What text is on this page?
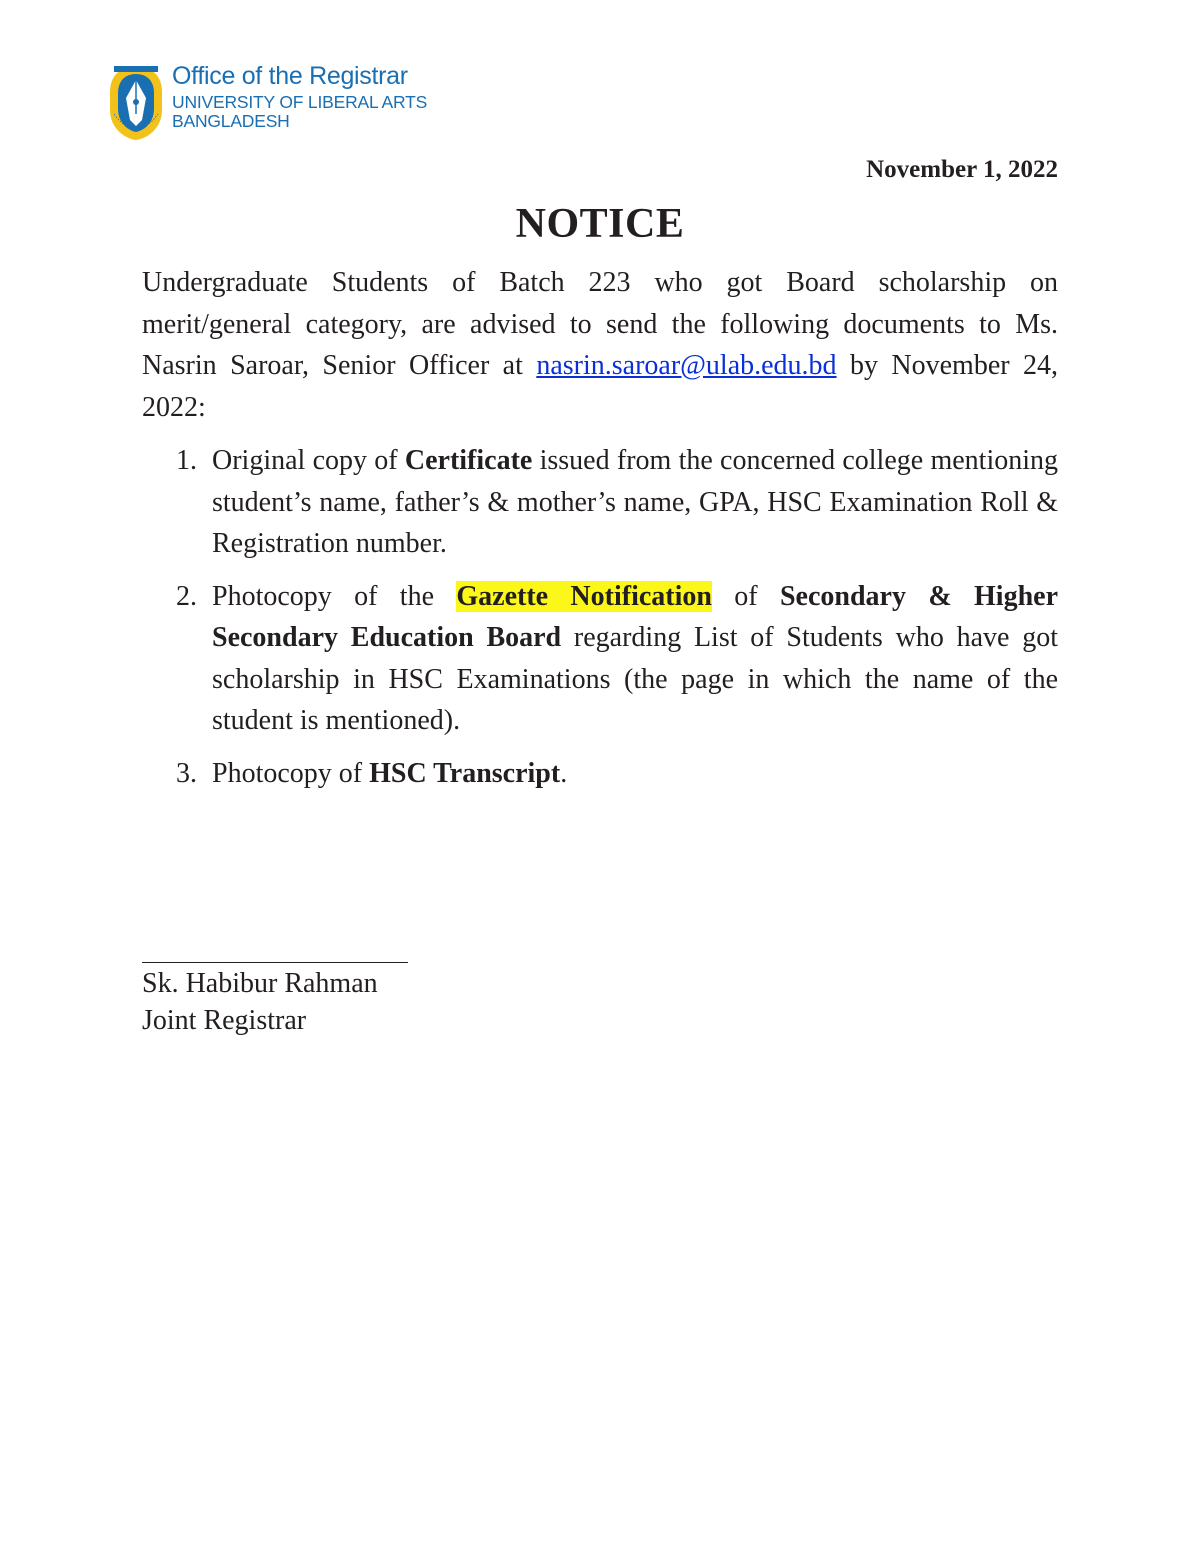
Office of the Registrar
UNIVERSITY OF LIBERAL ARTS
BANGLADESH
November 1, 2022
NOTICE

Undergraduate Students of Batch 223 who got Board scholarship on merit/general category, are advised to send the following documents to Ms. Nasrin Saroar, Senior Officer at nasrin.saroar@ulab.edu.bd by November 24, 2022:

1. Original copy of Certificate issued from the concerned college mentioning student’s name, father’s & mother’s name, GPA, HSC Examination Roll & Registration number.
2. Photocopy of the Gazette Notification of Secondary & Higher Secondary Education Board regarding List of Students who have got scholarship in HSC Examinations (the page in which the name of the student is mentioned).
3. Photocopy of HSC Transcript.
Sk. Habibur Rahman
Joint Registrar
